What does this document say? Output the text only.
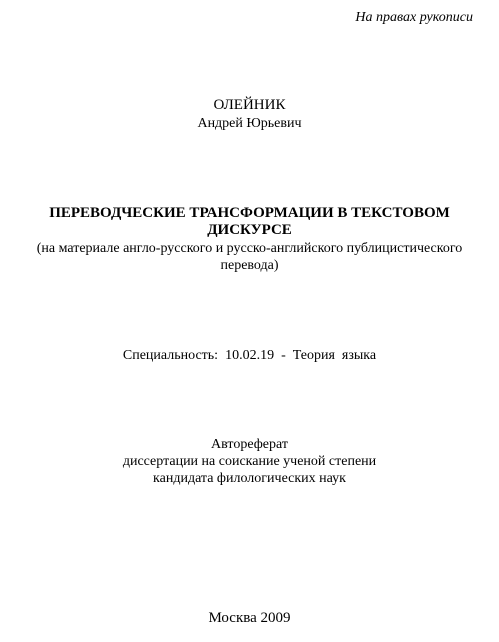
На правах рукописи
ОЛЕЙНИК
Андрей Юрьевич
ПЕРЕВОДЧЕСКИЕ ТРАНСФОРМАЦИИ В ТЕКСТОВОМ
ДИСКУРСЕ
(на материале англо-русского и русско-английского публицистического
перевода)
Специальность:  10.02.19  -  Теория  языка
Автореферат
диссертации на соискание ученой степени
кандидата филологических наук
Москва 2009
